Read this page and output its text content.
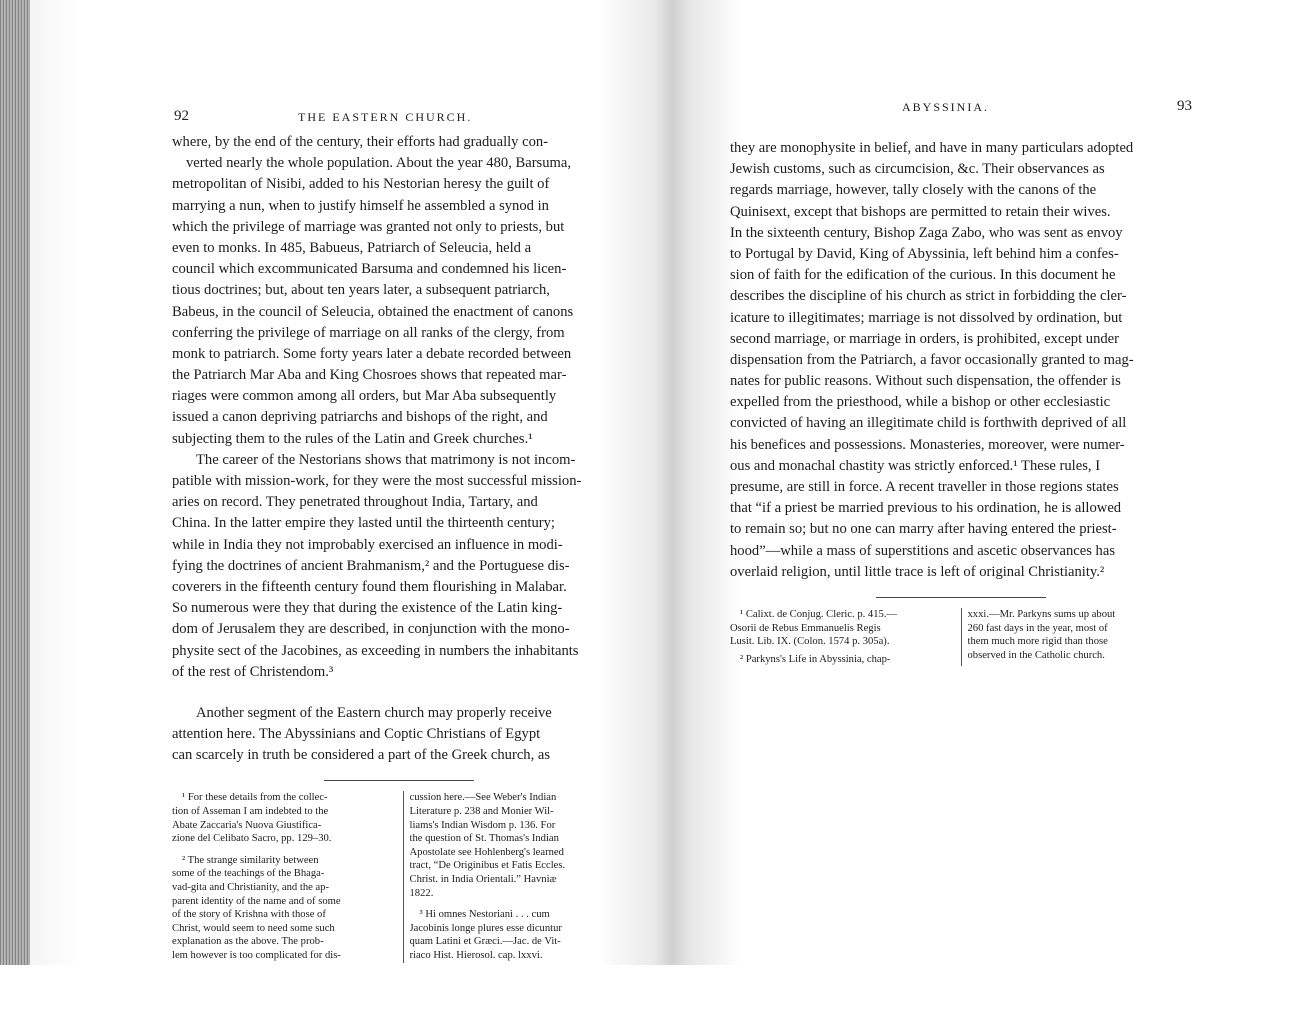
92	THE EASTERN CHURCH.
where, by the end of the century, their efforts had gradually con-
verted nearly the whole population. About the year 480, Barsuma,
metropolitan of Nisibi, added to his Nestorian heresy the guilt of
marrying a nun, when to justify himself he assembled a synod in
which the privilege of marriage was granted not only to priests, but
even to monks. In 485, Babueus, Patriarch of Seleucia, held a
council which excommunicated Barsuma and condemned his licen-
tious doctrines; but, about ten years later, a subsequent patriarch,
Babeus, in the council of Seleucia, obtained the enactment of canons
conferring the privilege of marriage on all ranks of the clergy, from
monk to patriarch. Some forty years later a debate recorded between
the Patriarch Mar Aba and King Chosroes shows that repeated mar-
riages were common among all orders, but Mar Aba subsequently
issued a canon depriving patriarchs and bishops of the right, and
subjecting them to the rules of the Latin and Greek churches.¹
The career of the Nestorians shows that matrimony is not incom-
patible with mission-work, for they were the most successful mission-
aries on record. They penetrated throughout India, Tartary, and
China. In the latter empire they lasted until the thirteenth century;
while in India they not improbably exercised an influence in modi-
fying the doctrines of ancient Brahmanism,² and the Portuguese dis-
coverers in the fifteenth century found them flourishing in Malabar.
So numerous were they that during the existence of the Latin king-
dom of Jerusalem they are described, in conjunction with the mono-
physite sect of the Jacobines, as exceeding in numbers the inhabitants
of the rest of Christendom.³
Another segment of the Eastern church may properly receive
attention here. The Abyssinians and Coptic Christians of Egypt
can scarcely in truth be considered a part of the Greek church, as
¹ For these details from the collec-
tion of Asseman I am indebted to the
Abate Zaccaria's Nuova Giustifica-
zione del Celibato Sacro, pp. 129–30.
² The strange similarity between
some of the teachings of the Bhaga-
vad-gita and Christianity, and the ap-
parent identity of the name and of some
of the story of Krishna with those of
Christ, would seem to need some such
explanation as the above. The prob-
lem however is too complicated for dis-
cussion here.—See Weber's Indian
Literature p. 238 and Monier Wil-
liams's Indian Wisdom p. 136. For
the question of St. Thomas's Indian
Apostolate see Hohlenberg's learned
tract, “De Originibus et Fatis Eccles.
Christ. in India Orientali.” Havniæ
1822.
³ Hi omnes Nestoriani . . . cum
Jacobinis longe plures esse dicuntur
quam Latini et Græci.—Jac. de Vit-
riaco Hist. Hierosol. cap. lxxvi.
ABYSSINIA.	93
they are monophysite in belief, and have in many particulars adopted
Jewish customs, such as circumcision, &c. Their observances as
regards marriage, however, tally closely with the canons of the
Quinisext, except that bishops are permitted to retain their wives.
In the sixteenth century, Bishop Zaga Zabo, who was sent as envoy
to Portugal by David, King of Abyssinia, left behind him a confes-
sion of faith for the edification of the curious. In this document he
describes the discipline of his church as strict in forbidding the cler-
icature to illegitimates; marriage is not dissolved by ordination, but
second marriage, or marriage in orders, is prohibited, except under
dispensation from the Patriarch, a favor occasionally granted to mag-
nates for public reasons. Without such dispensation, the offender is
expelled from the priesthood, while a bishop or other ecclesiastic
convicted of having an illegitimate child is forthwith deprived of all
his benefices and possessions. Monasteries, moreover, were numer-
ous and monachal chastity was strictly enforced.¹ These rules, I
presume, are still in force. A recent traveller in those regions states
that “if a priest be married previous to his ordination, he is allowed
to remain so; but no one can marry after having entered the priest-
hood”—while a mass of superstitions and ascetic observances has
overlaid religion, until little trace is left of original Christianity.²
¹ Calixt. de Conjug. Cleric. p. 415.—
Osorii de Rebus Emmanuelis Regis
Lusit. Lib. IX. (Colon. 1574 p. 305a).
² Parkyns's Life in Abyssinia, chap-
xxxi.—Mr. Parkyns sums up about
260 fast days in the year, most of
them much more rigid than those
observed in the Catholic church.
